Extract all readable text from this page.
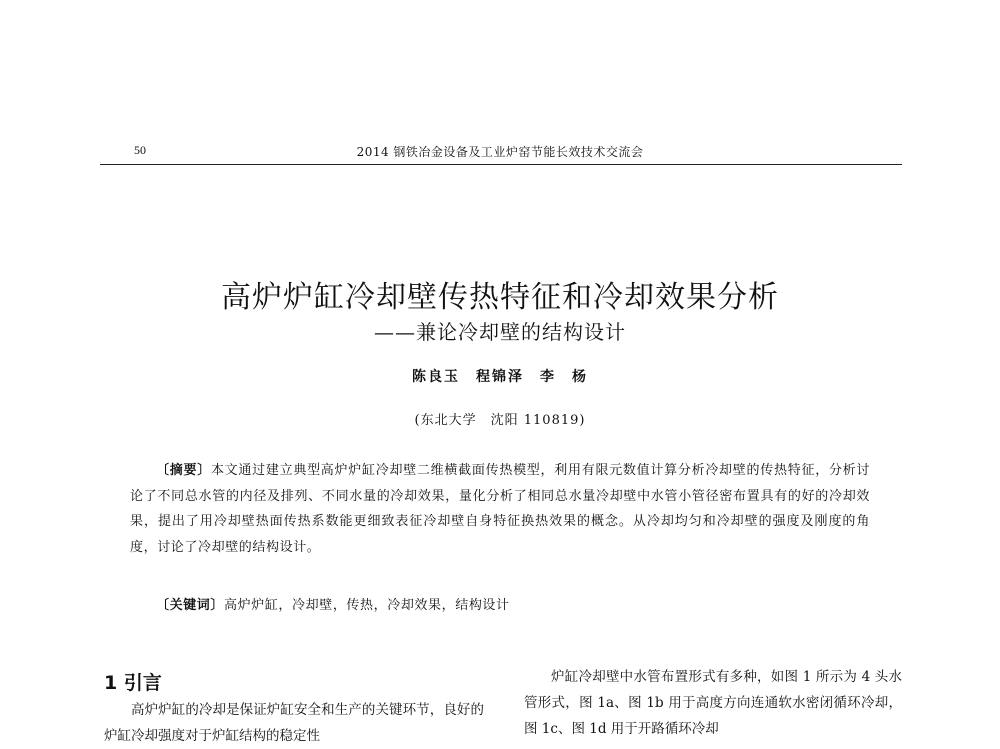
50	2014 钢铁冶金设备及工业炉窑节能长效技术交流会
高炉炉缸冷却壁传热特征和冷却效果分析
——兼论冷却壁的结构设计
陈良玉　程锦泽　李　杨
(东北大学　沈阳 110819)
〔摘要〕本文通过建立典型高炉炉缸冷却壁二维横截面传热模型，利用有限元数值计算分析冷却壁的传热特征，分析讨论了不同总水管的内径及排列、不同水量的冷却效果，量化分析了相同总水量冷却壁中水管小管径密布置具有的好的冷却效果，提出了用冷却壁热面传热系数能更细致表征冷却壁自身特征换热效果的概念。从冷却均匀和冷却壁的强度及刚度的角度，讨论了冷却壁的结构设计。
〔关键词〕高炉炉缸，冷却壁，传热，冷却效果，结构设计
1 引言
高炉炉缸的冷却是保证炉缸安全和生产的关键环节，良好的炉缸冷却强度对于炉缸结构的稳定性
炉缸冷却壁中水管布置形式有多种，如图 1 所示为 4 头水管形式，图 1a、图 1b 用于高度方向连通软水密闭循环冷却，图 1c、图 1d 用于开路循环冷却
